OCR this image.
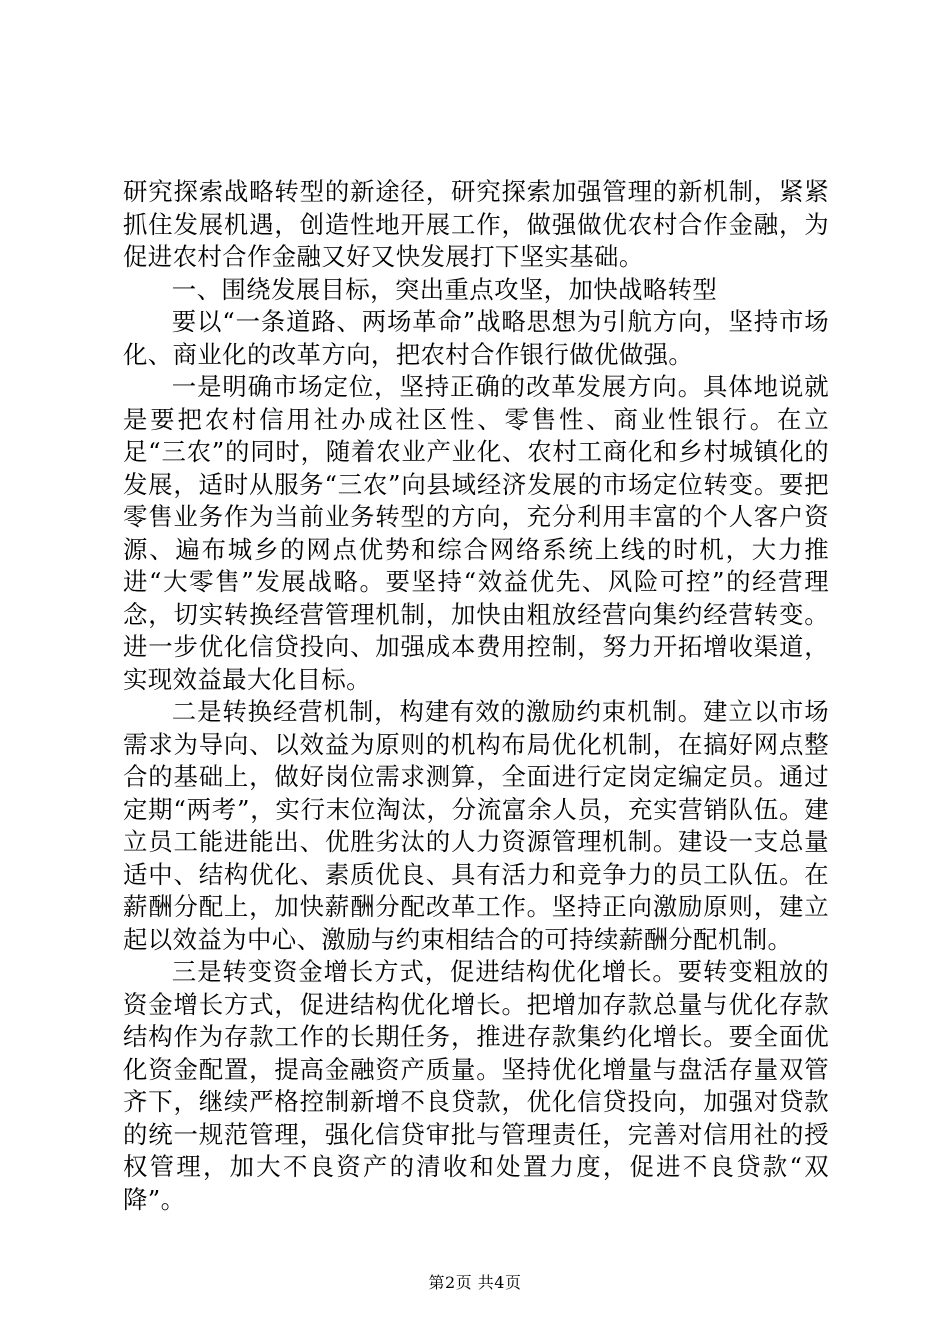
研究探索战略转型的新途径，研究探索加强管理的新机制，紧紧抓住发展机遇，创造性地开展工作，做强做优农村合作金融，为促进农村合作金融又好又快发展打下坚实基础。

一、围绕发展目标，突出重点攻坚，加快战略转型

要以“一条道路、两场革命”战略思想为引航方向，坚持市场化、商业化的改革方向，把农村合作银行做优做强。

一是明确市场定位，坚持正确的改革发展方向。具体地说就是要把农村信用社办成社区性、零售性、商业性银行。在立足“三农”的同时，随着农业产业化、农村工商化和乡村城镇化的发展，适时从服务“三农”向县域经济发展的市场定位转变。要把零售业务作为当前业务转型的方向，充分利用丰富的个人客户资源、遍布城乡的网点优势和综合网络系统上线的时机，大力推进“大零售”发展战略。要坚持“效益优先、风险可控”的经营理念，切实转换经营管理机制，加快由粗放经营向集约经营转变。进一步优化信贷投向、加强成本费用控制，努力开拓增收渠道，实现效益最大化目标。

二是转换经营机制，构建有效的激励约束机制。建立以市场需求为导向、以效益为原则的机构布局优化机制，在搞好网点整合的基础上，做好岗位需求测算，全面进行定岗定编定员。通过定期“两考”，实行末位淘汰，分流富余人员，充实营销队伍。建立员工能进能出、优胜劣汰的人力资源管理机制。建设一支总量适中、结构优化、素质优良、具有活力和竞争力的员工队伍。在薪酬分配上，加快薪酬分配改革工作。坚持正向激励原则，建立起以效益为中心、激励与约束相结合的可持续薪酬分配机制。

三是转变资金增长方式，促进结构优化增长。要转变粗放的资金增长方式，促进结构优化增长。把增加存款总量与优化存款结构作为存款工作的长期任务，推进存款集约化增长。要全面优化资金配置，提高金融资产质量。坚持优化增量与盘活存量双管齐下，继续严格控制新增不良贷款，优化信贷投向，加强对贷款的统一规范管理，强化信贷审批与管理责任，完善对信用社的授权管理，加大不良资产的清收和处置力度，促进不良贷款“双降”。

第2页 共4页
